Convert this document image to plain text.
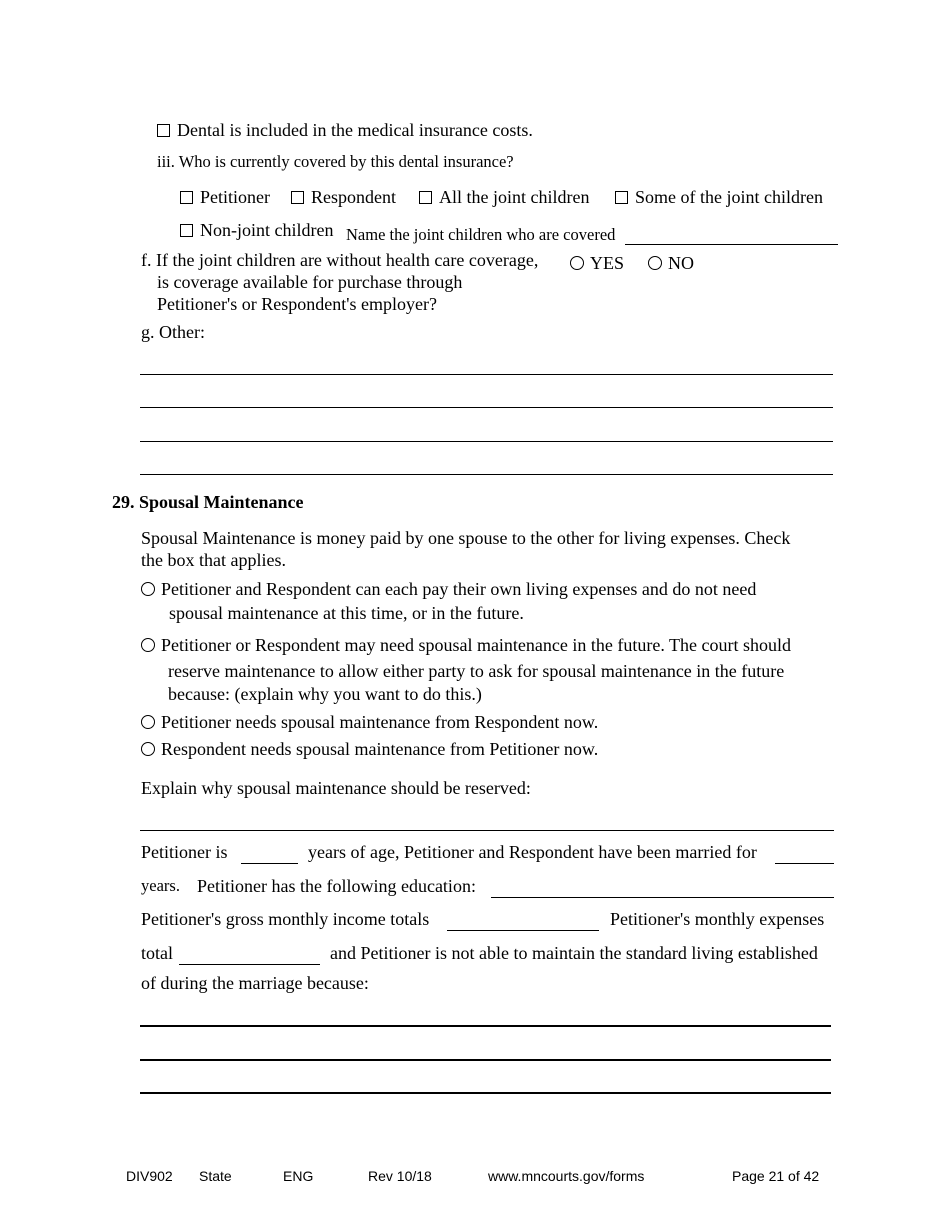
Dental is included in the medical insurance costs.
iii. Who is currently covered by this dental insurance?
Petitioner	Respondent	All the joint children	Some of the joint children
Non-joint children Name the joint children who are covered
f. If the joint children are without health care coverage,
is coverage available for purchase through
Petitioner's or Respondent's employer?
YES	NO
g. Other:
29. Spousal Maintenance
Spousal Maintenance is money paid by one spouse to the other for living expenses. Check
the box that applies.
Petitioner and Respondent can each pay their own living expenses and do not need
spousal maintenance at this time, or in the future.
Petitioner or Respondent may need spousal maintenance in the future. The court should
reserve maintenance to allow either party to ask for spousal maintenance in the future
because: (explain why you want to do this.)
Petitioner needs spousal maintenance from Respondent now.
Respondent needs spousal maintenance from Petitioner now.
Explain why spousal maintenance should be reserved:
Petitioner is	years of age, Petitioner and Respondent have been married for
years. Petitioner has the following education:
Petitioner's gross monthly income totals	Petitioner's monthly expenses
total	and Petitioner is not able to maintain the standard living established
of during the marriage because:
DIV902 State	ENG	Rev 10/18	www.mncourts.gov/forms	Page 21 of 42
